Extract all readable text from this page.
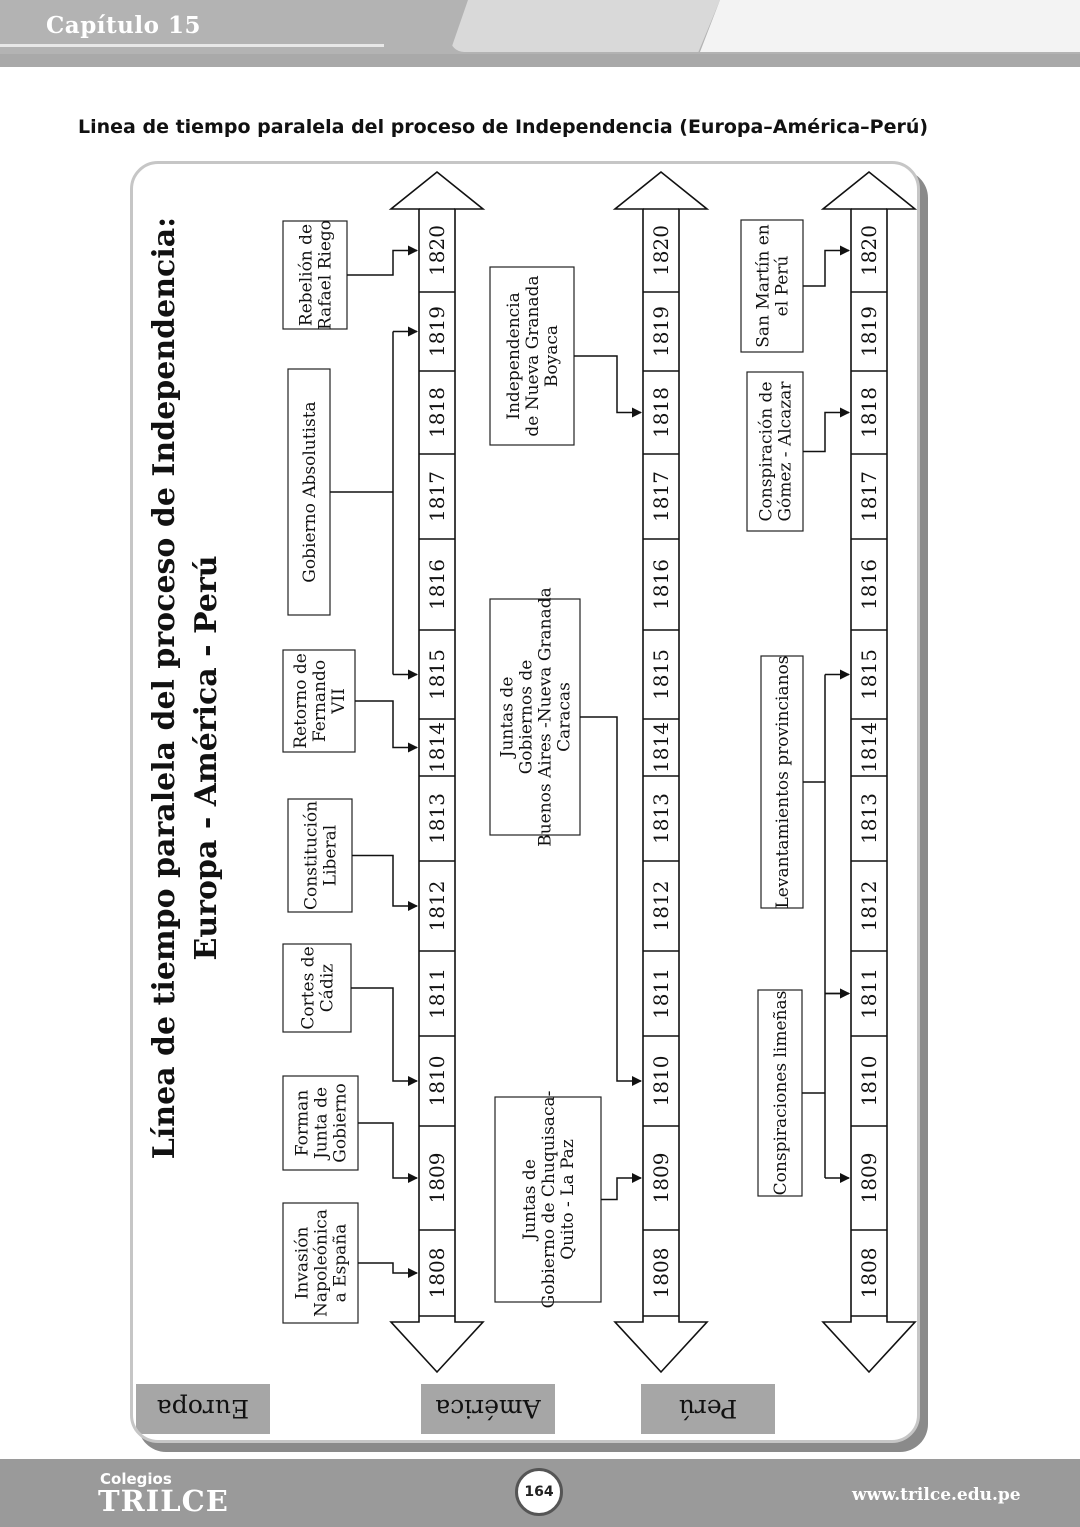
Capítulo 15
Linea de tiempo paralela del proceso de Independencia (Europa–América–Perú)
Línea de tiempo paralela del proceso de Independencia: Europa - América - Perú
1808
1809
1810
1811
1812
1813
1814
1815
1816
1817
1818
1819
1820
Europa
1808
1809
1810
1811
1812
1813
1814
1815
1816
1817
1818
1819
1820
América
1808
1809
1810
1811
1812
1813
1814
1815
1816
1817
1818
1819
1820
Perú
InvasiónNapoleónicaa España
FormanJunta deGobierno
Cortes deCádiz
ConstituciónLiberal
Retorno deFernandoVII
Gobierno Absolutista
Rebelión deRafael Riego
Juntas deGobierno de Chuquisaca-Quito - La Paz
Juntas deGobiernos deBuenos Aires -Nueva GranadaCaracas
Independenciade Nueva GranadaBoyaca
Conspiraciones limeñas
Levantamientos provincianos
Conspiración deGómez - Alcazar
San Martín enel Perú
Colegios
TRILCE	164	www.trilce.edu.pe
